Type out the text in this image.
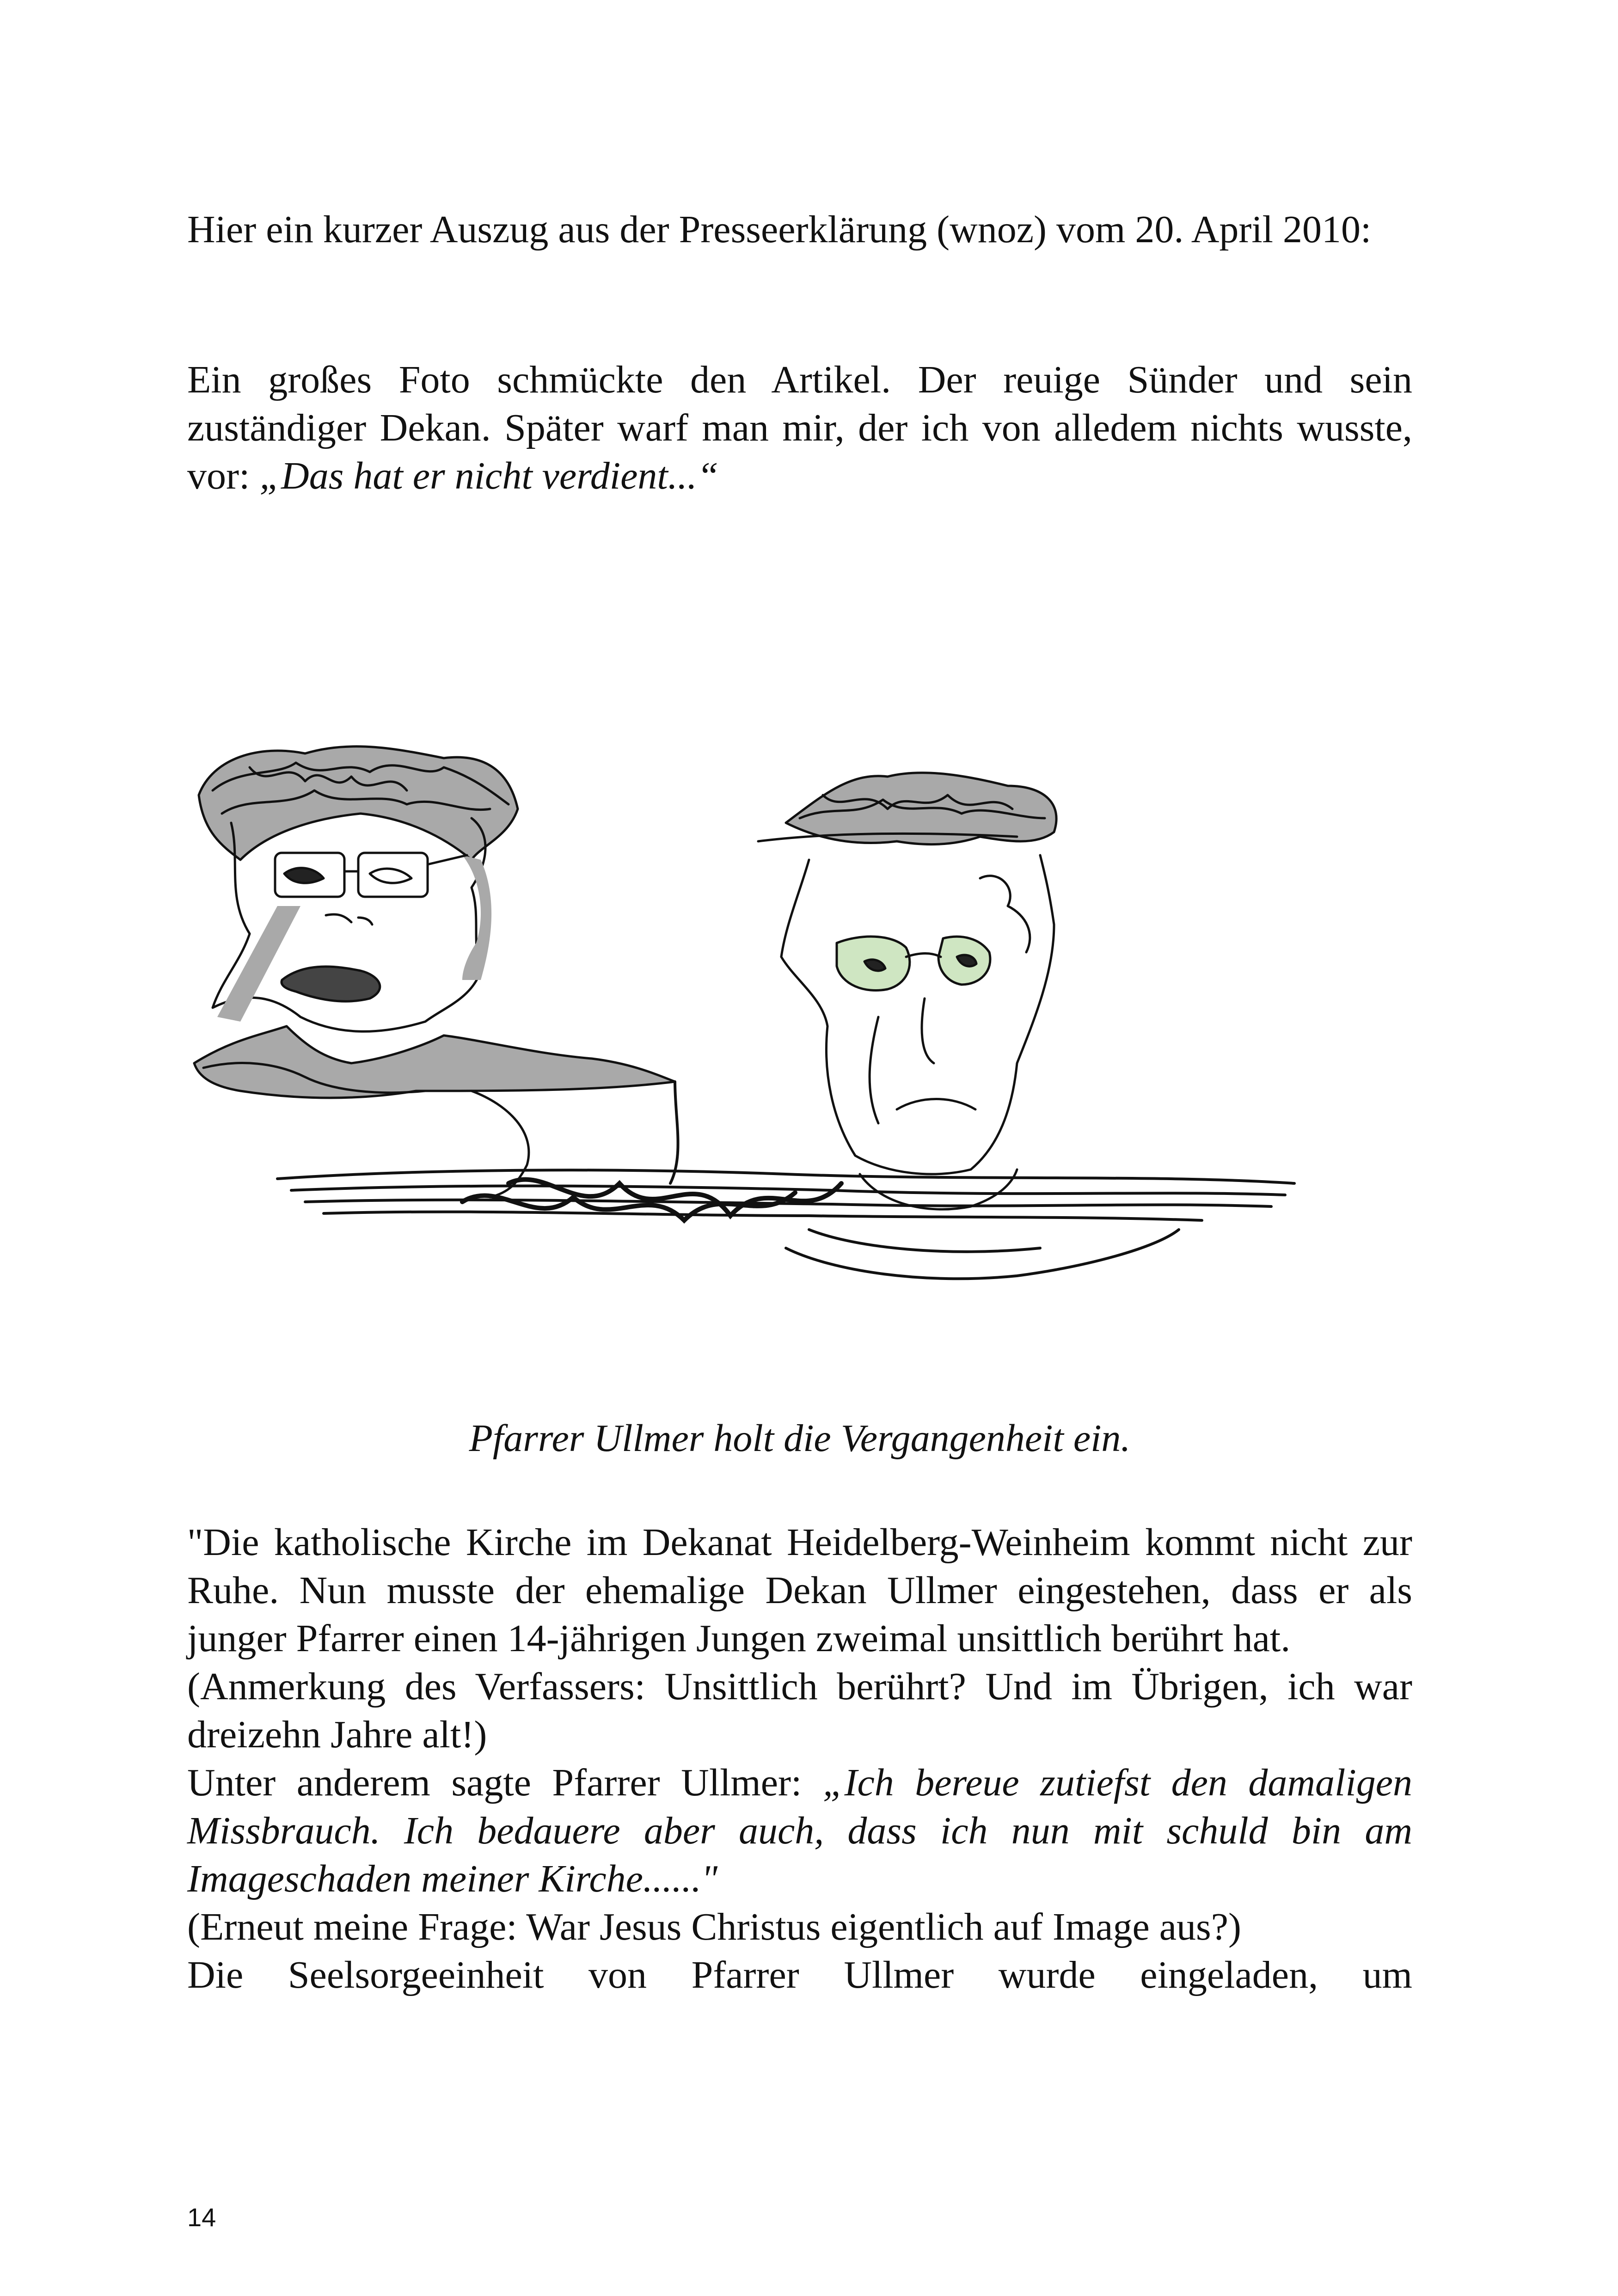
Hier ein kurzer Auszug aus der Presseerklärung (wnoz) vom 20. April 2010:

Ein großes Foto schmückte den Artikel. Der reuige Sünder und sein zuständiger Dekan. Später warf man mir, der ich von alledem nichts wusste, vor: „Das hat er nicht verdient...“

Pfarrer Ullmer holt die Vergangenheit ein.

"Die katholische Kirche im Dekanat Heidelberg-Weinheim kommt nicht zur Ruhe. Nun musste der ehemalige Dekan Ullmer eingestehen, dass er als junger Pfarrer einen 14-jährigen Jungen zweimal unsittlich berührt hat.

(Anmerkung des Verfassers: Unsittlich berührt? Und im Übrigen, ich war dreizehn Jahre alt!)

Unter anderem sagte Pfarrer Ullmer: „Ich bereue zutiefst den damaligen Missbrauch. Ich bedauere aber auch, dass ich nun mit schuld bin am Imageschaden meiner Kirche......"

(Erneut meine Frage: War Jesus Christus eigentlich auf Image aus?)

Die Seelsorgeeinheit von Pfarrer Ullmer wurde eingeladen, um

14
